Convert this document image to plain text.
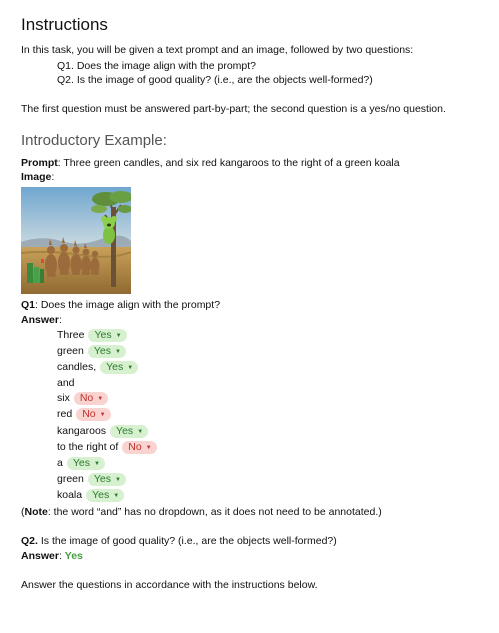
Instructions
In this task, you will be given a text prompt and an image, followed by two questions:
Q1. Does the image align with the prompt?
Q2. Is the image of good quality? (i.e., are the objects well-formed?)
The first question must be answered part-by-part; the second question is a yes/no question.
Introductory Example:
Prompt: Three green candles, and six red kangaroos to the right of a green koala
Image:
Q1: Does the image align with the prompt?
Answer:
Three Yes ▼
green Yes ▼
candles, Yes ▼
and
six No ▼
red No ▼
kangaroos Yes ▼
to the right of No ▼
a Yes ▼
green Yes ▼
koala Yes ▼
(Note: the word “and” has no dropdown, as it does not need to be annotated.)
Q2. Is the image of good quality? (i.e., are the objects well-formed?)
Answer: Yes
Answer the questions in accordance with the instructions below.
